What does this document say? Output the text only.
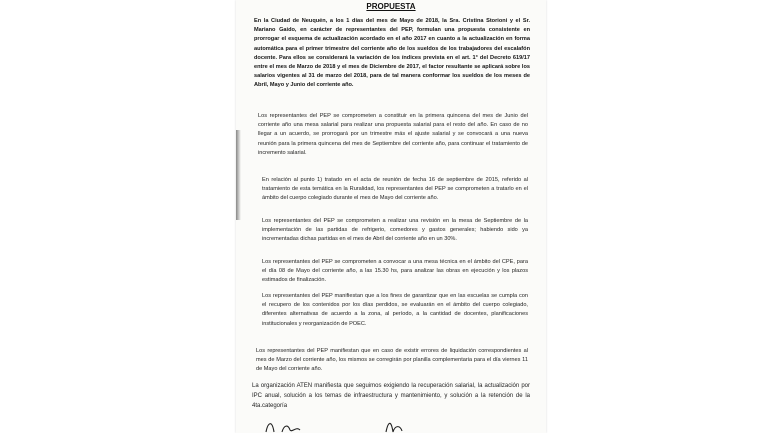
PROPUESTA

En la Ciudad de Neuquén, a los 1 días del mes de Mayo de 2018, la Sra. Cristina Storioni y el Sr. Mariano Gaido, en carácter de representantes del PEP, formulan una propuesta consistente en prorrogar el esquema de actualización acordado en el año 2017 en cuanto a la actualización en forma automática para el primer trimestre del corriente año de los sueldos de los trabajadores del escalafón docente. Para ellos se considerará la variación de los índices prevista en el art. 1° del Decreto 619/17 entre el mes de Marzo de 2018 y el mes de Diciembre de 2017, el factor resultante se aplicará sobre los salarios vigentes al 31 de marzo del 2018, para de tal manera conformar los sueldos de los meses de Abril, Mayo y Junio del corriente año.

Los representantes del PEP se comprometen a constituir en la primera quincena del mes de Junio del corriente año una mesa salarial para realizar una propuesta salarial para el resto del año. En caso de no llegar a un acuerdo, se prorrogará por un trimestre más el ajuste salarial y se convocará a una nueva reunión para la primera quincena del mes de Septiembre del corriente año, para continuar el tratamiento de incremento salarial.

En relación al punto 1) tratado en el acta de reunión de fecha 16 de septiembre de 2015, referido al tratamiento de esta temática en la Ruralidad, los representantes del PEP se comprometen a tratarlo en el ámbito del cuerpo colegiado durante el mes de Mayo del corriente año.

Los representantes del PEP se comprometen a realizar una revisión en la mesa de Septiembre de la implementación de las partidas de refrigerio, comedores y gastos generales; habiendo sido ya incrementadas dichas partidas en el mes de Abril del corriente año en un 30%.

Los representantes del PEP se comprometen a convocar a una mesa técnica en el ámbito del CPE, para el día 08 de Mayo del corriente año, a las 15.30 hs, para analizar las obras en ejecución y los plazos estimados de finalización.

Los representantes del PEP manifiestan que a los fines de garantizar que en las escuelas se cumpla con el recupero de los contenidos por los días perdidos, se evaluarán en el ámbito del cuerpo colegiado, diferentes alternativas de acuerdo a la zona, al período, a la cantidad de docentes, planificaciones institucionales y reorganización de POEC.

Los representantes del PEP manifiestan que en caso de existir errores de liquidación correspondientes al mes de Marzo del corriente año, los mismos se corregirán por planilla complementaria para el día viernes 11 de Mayo del corriente año.

La organización ATEN manifiesta que seguimos exigiendo la recuperación salarial, la actualización por IPC anual, solución a los temas de infraestructura y mantenimiento, y solución a la retención de la 4ta.categoría
